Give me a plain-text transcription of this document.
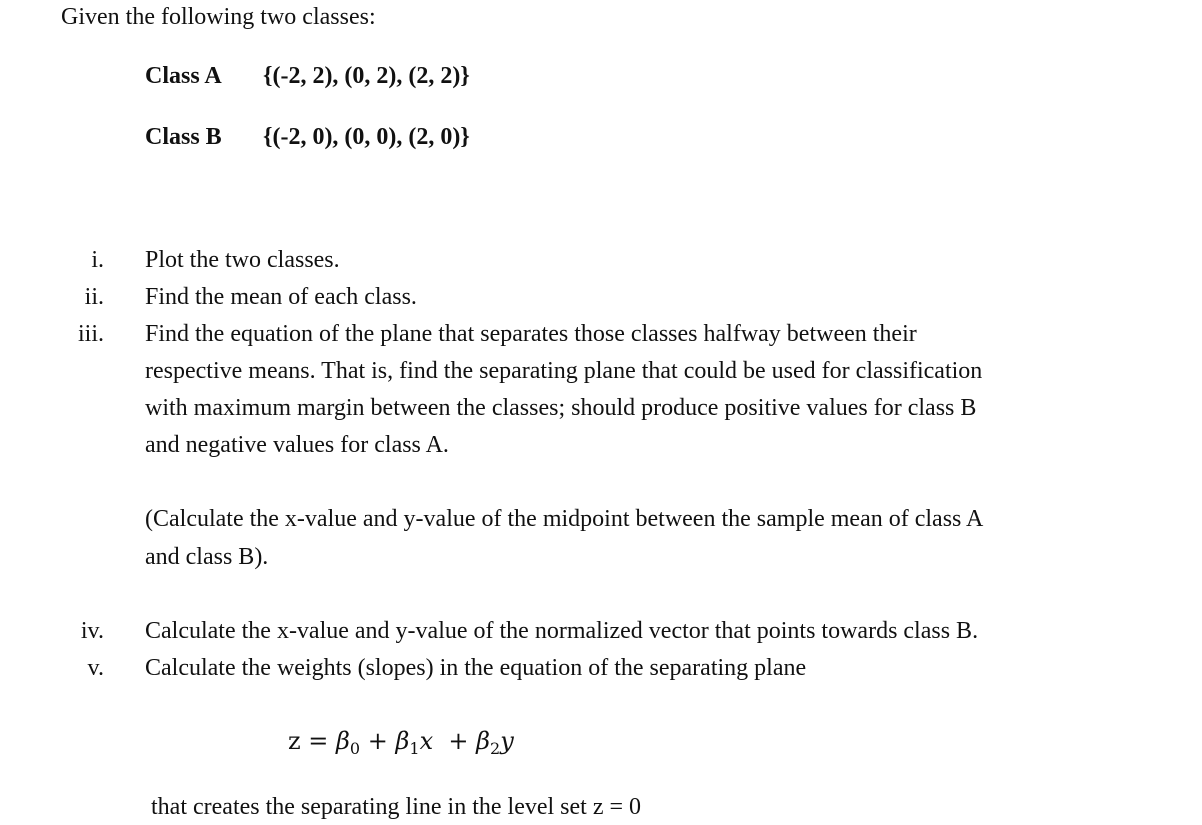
Given the following two classes:
Class A {(-2, 2), (0, 2), (2, 2)}
Class B {(-2, 0), (0, 0), (2, 0)}
i. Plot the two classes.
ii. Find the mean of each class.
iii. Find the equation of the plane that separates those classes halfway between their
respective means. That is, find the separating plane that could be used for classification
with maximum margin between the classes; should produce positive values for class B
and negative values for class A.
(Calculate the x-value and y-value of the midpoint between the sample mean of class A
and class B).
iv. Calculate the x-value and y-value of the normalized vector that points towards class B.
v. Calculate the weights (slopes) in the equation of the separating plane
$z = \beta_0 + \beta_1x + \beta_2y$
that creates the separating line in the level set z = 0
